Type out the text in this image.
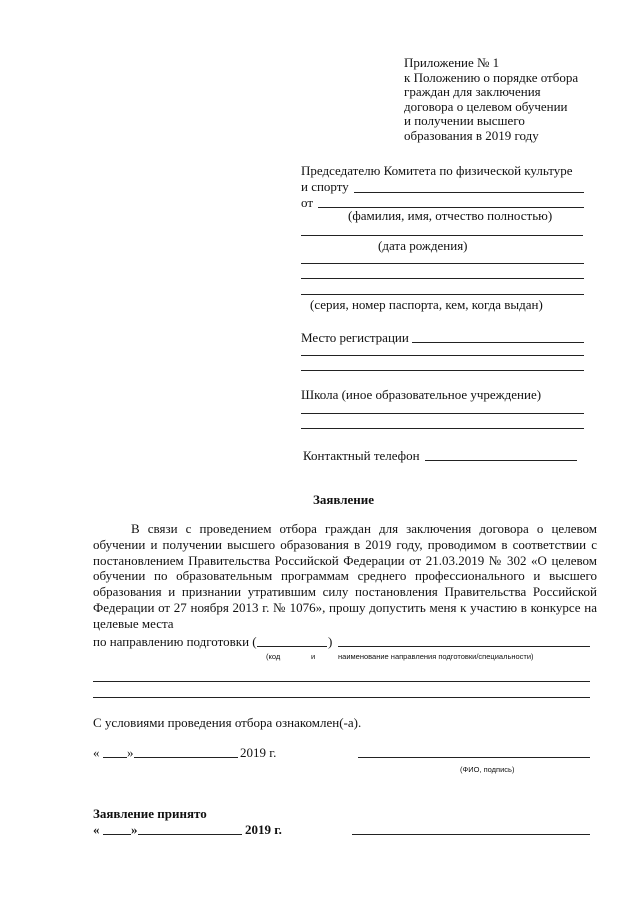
Приложение № 1
к Положению о порядке отбора
граждан для заключения
договора о целевом обучении
и получении высшего
образования в 2019 году
Председателю Комитета по физической культуре
и спорту
от
(фамилия, имя, отчество полностью)
(дата рождения)
(серия, номер паспорта, кем, когда выдан)
Место регистрации
Школа (иное образовательное учреждение)
Контактный телефон
Заявление
В связи с проведением отбора граждан для заключения договора о целевом обучении и получении высшего образования в 2019 году, проводимом в соответствии с постановлением Правительства Российской Федерации от 21.03.2019 № 302 «О целевом обучении по образовательным программам среднего профессионального и высшего образования и признании утратившим силу постановления Правительства Российской Федерации от 27 ноября 2013 г. № 1076», прошу допустить меня к участию в конкурсе на целевые места
по направлению подготовки (	)
(код	и	наименование направления подготовки/специальности)
С условиями проведения отбора ознакомлен(-а).
« »	2019 г.
(ФИО, подпись)
Заявление принято
« »	2019 г.
